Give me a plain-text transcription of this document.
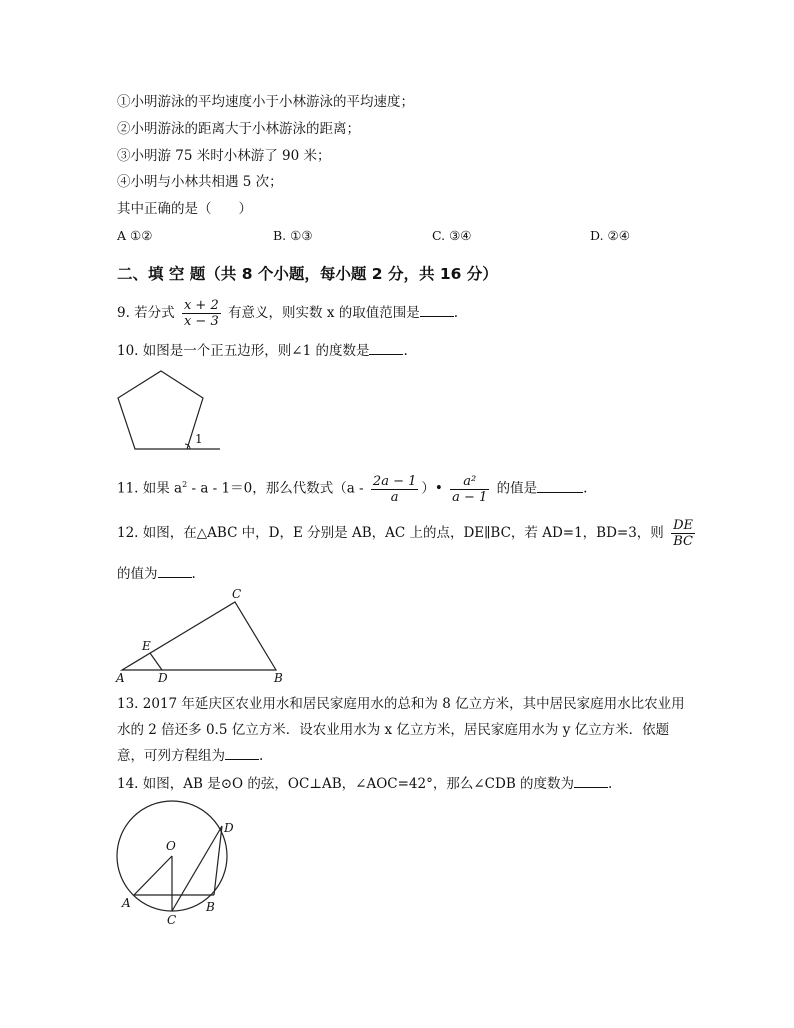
①小明游泳的平均速度小于小林游泳的平均速度；
②小明游泳的距离大于小林游泳的距离；
③小明游 75 米时小林游了 90 米；
④小明与小林共相遇 5 次；
其中正确的是（　　）
A ①②	B. ①③	C. ③④	D. ②④
二、填 空 题（共 8 个小题，每小题 2 分，共 16 分）
9. 若分式 $\frac{x + 2}{x - 3}$ 有意义，则实数 x 的取值范围是	.
10. 如图是一个正五边形，则∠1 的度数是	.
1
11. 如果 $a^2 - a - 1=0$，那么代数式（$a - \frac{2a - 1}{a}$ ）• $\frac{\text{a²}}{a - 1}$ 的值是	.
12. 如图，在△ABC 中，D，E 分别是 AB，AC 上的点，DE∥BC，若 AD=1，BD=3，则 $\frac{DE}{BC}$
的值为	.
A	B
C
D
E
13. 2017 年延庆区农业用水和居民家庭用水的总和为 8 亿立方米，其中居民家庭用水比农业用
水的 2 倍还多 0.5 亿立方米．设农业用水为 x 亿立方米，居民家庭用水为 y 亿立方米．依题
意，可列方程组为	.
14. 如图，AB 是⊙O 的弦，OC⊥AB，∠AOC=42°，那么∠CDB 的度数为	.
O
A	B
C
D
